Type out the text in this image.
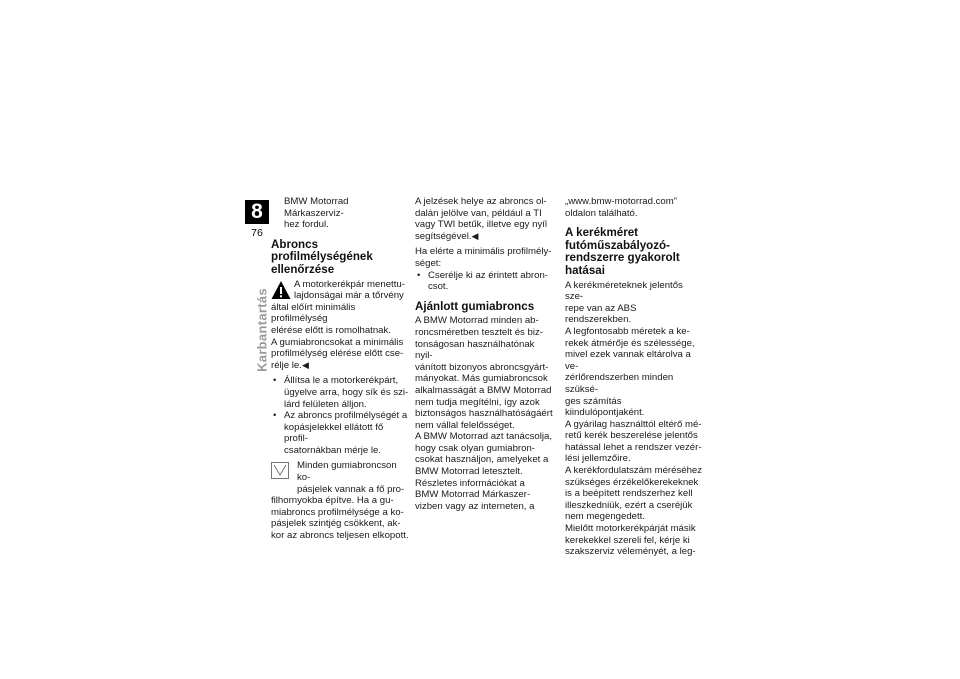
8
76
Karbantartás

BMW Motorrad Márkaszerviz-
hez fordul.

Abroncs
profilmélységének
ellenőrzése

A motorkerékpár menettu-
lajdonságai már a tőrvény

által előírt minimális profilmélység
elérése előtt is romolhatnak.
A gumiabroncsokat a minimális
profilmélység elérése előtt cse-
rélje le.◀

• Állítsa le a motorkerékpárt,
ügyelve arra, hogy sík és szi-
lárd felületen álljon.

• Az abroncs profilmélységét a
kopásjelekkel ellátott fő profil-
csatornákban mérje le.

Minden gumiabroncson ko-
pásjelek vannak a fő pro-

filhornyokba építve. Ha a gu-
miabroncs profilmélysége a ko-
pásjelek szintjég csökkent, ak-
kor az abroncs teljesen elkopott.

A jelzések helye az abroncs ol-
dalán jelölve van, például a TI
vagy TWI betűk, illetve egy nyíl
segítségével.◀

Ha elérte a minimális profilmély-
séget:

• Cserélje ki az érintett abron-
csot.

Ajánlott gumiabroncs

A BMW Motorrad minden ab-
roncsméretben tesztelt és biz-
tonságosan használhatónak nyil-
vánított bizonyos abroncsgyárt-
mányokat. Más gumiabroncsok
alkalmasságát a BMW Motorrad
nem tudja megítélni, így azok
biztonságos használhatóságáért
nem vállal felelősséget.
A BMW Motorrad azt tanácsolja,
hogy csak olyan gumiabron-
csokat használjon, amelyeket a
BMW Motorrad letesztelt.
Részletes információkat a
BMW Motorrad Márkaszer-
vizben vagy az interneten, a

„www.bmw-motorrad.com”
oldalon található.

A kerékméret
futóműszabályozó-
rendszerre gyakorolt
hatásai

A kerékméreteknek jelentős sze-
repe van az ABS rendszerekben.
A legfontosabb méretek a ke-
rekek átmérője és szélessége,
mivel ezek vannak eltárolva a ve-
zérlőrendszerben minden szüksé-
ges számítás kiindulópontjaként.
A gyárilag használttól eltérő mé-
retű kerék beszerelése jelentős
hatással lehet a rendszer vezér-
lési jellemzőire.
A kerékfordulatszám méréséhez
szükséges érzékelőkerekeknek
is a beépített rendszerhez kell
illeszkedniük, ezért a cseréjük
nem megengedett.
Mielőtt motorkerékpárját másik
kerekekkel szereli fel, kérje ki
szakszerviz véleményét, a leg-
